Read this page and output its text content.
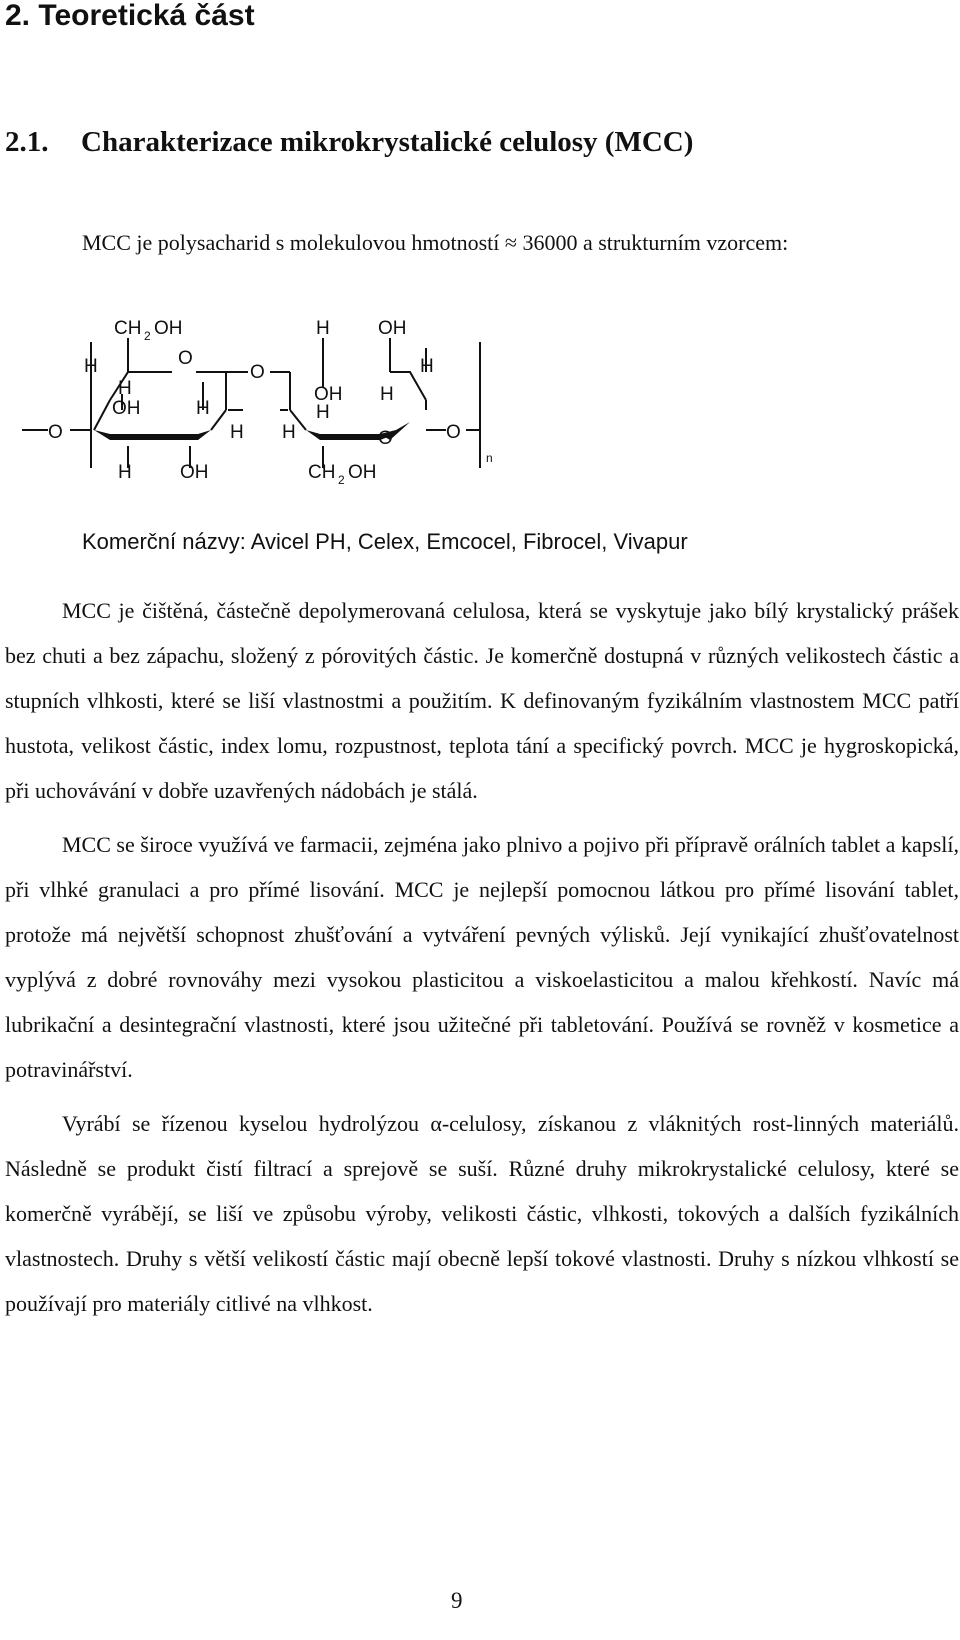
2. Teoretická část
2.1. Charakterizace mikrokrystalické celulosy (MCC)

MCC je polysacharid s molekulovou hmotností ≈ 36000 a strukturním vzorcem:

CH 2 OH
O
H
H
OH	H
H
O
H	OH
O
H	OH
H
OH
H
H
H	O	O
CH 2 OH
n

Komerční názvy: Avicel PH, Celex, Emcocel, Fibrocel, Vivapur

MCC je čištěná, částečně depolymerovaná celulosa, která se vyskytuje jako bílý krystalický prášek bez chuti a bez zápachu, složený z pórovitých částic. Je komerčně dostupná v různých velikostech částic a stupních vlhkosti, které se liší vlastnostmi a použitím. K definovaným fyzikálním vlastnostem MCC patří hustota, velikost částic, index lomu, rozpustnost, teplota tání a specifický povrch. MCC je hygroskopická, při uchovávání v dobře uzavřených nádobách je stálá.

MCC se široce využívá ve farmacii, zejména jako plnivo a pojivo při přípravě orálních tablet a kapslí, při vlhké granulaci a pro přímé lisování. MCC je nejlepší pomocnou látkou pro přímé lisování tablet, protože má největší schopnost zhušťování a vytváření pevných výlisků. Její vynikající zhušťovatelnost vyplývá z dobré rovnováhy mezi vysokou plasticitou a viskoelasticitou a malou křehkostí. Navíc má lubrikační a desintegrační vlastnosti, které jsou užitečné při tabletování. Používá se rovněž v kosmetice a potravinářství.

Vyrábí se řízenou kyselou hydrolýzou α-celulosy, získanou z vláknitých rost-linných materiálů. Následně se produkt čistí filtrací a sprejově se suší. Různé druhy mikrokrystalické celulosy, které se komerčně vyrábějí, se liší ve způsobu výroby, velikosti částic, vlhkosti, tokových a dalších fyzikálních vlastnostech. Druhy s větší velikostí částic mají obecně lepší tokové vlastnosti. Druhy s nízkou vlhkostí se používají pro materiály citlivé na vlhkost.

9
